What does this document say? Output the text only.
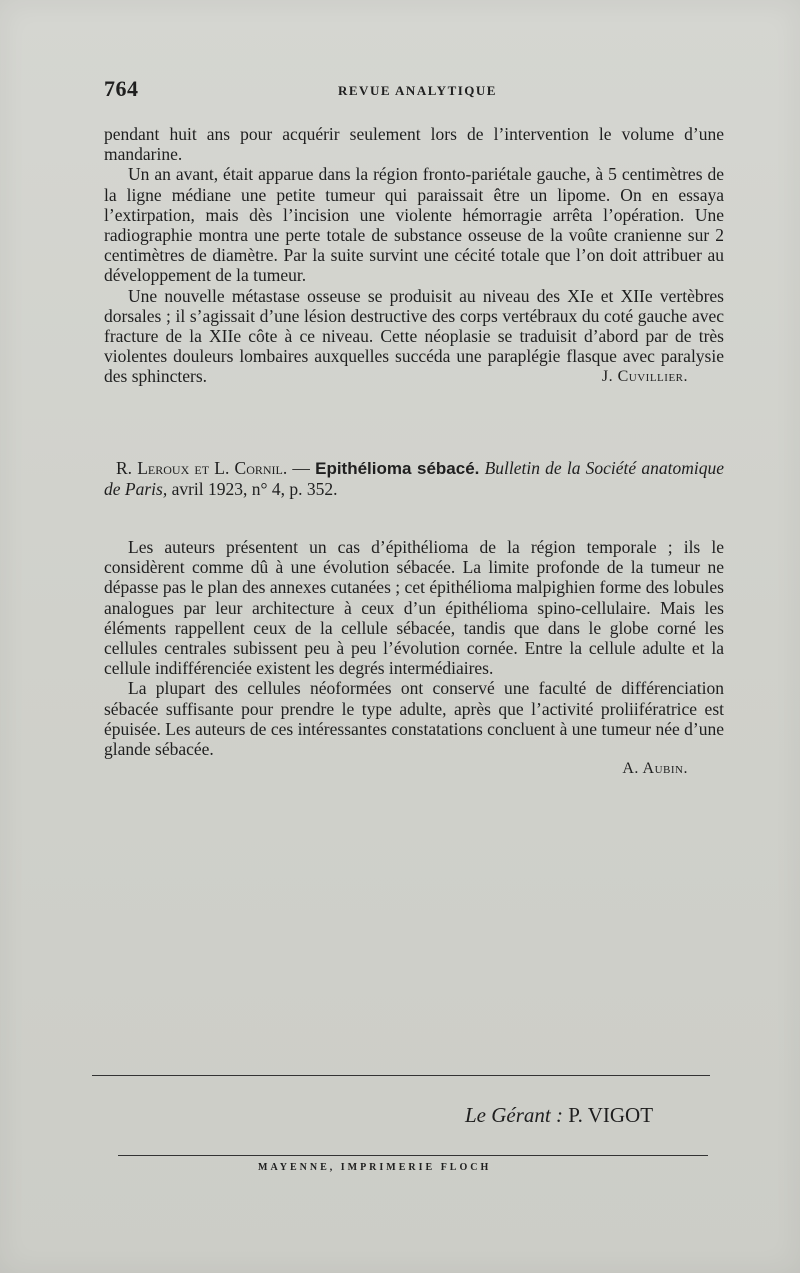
764	REVUE ANALYTIQUE

pendant huit ans pour acquérir seulement lors de l’intervention le volume d’une mandarine.

Un an avant, était apparue dans la région fronto-pariétale gauche, à 5 centimètres de la ligne médiane une petite tumeur qui paraissait être un lipome. On en essaya l’extirpation, mais dès l’incision une violente hémorragie arrêta l’opération. Une radiographie montra une perte totale de substance osseuse de la voûte cranienne sur 2 centimètres de diamètre. Par la suite survint une cécité totale que l’on doit attribuer au développement de la tumeur.

Une nouvelle métastase osseuse se produisit au niveau des XIe et XIIe vertèbres dorsales ; il s’agissait d’une lésion destructive des corps vertébraux du coté gauche avec fracture de la XIIe côte à ce niveau. Cette néoplasie se traduisit d’abord par de très violentes douleurs lombaires auxquelles succéda une paraplégie flasque avec paralysie des sphincters.	J. Cuvillier.

R. Leroux et L. Cornil. — Epithélioma sébacé. Bulletin de la Société anatomique de Paris, avril 1923, n° 4, p. 352.

Les auteurs présentent un cas d’épithélioma de la région temporale ; ils le considèrent comme dû à une évolution sébacée. La limite profonde de la tumeur ne dépasse pas le plan des annexes cutanées ; cet épithélioma malpighien forme des lobules analogues par leur architecture à ceux d’un épithélioma spino-cellulaire. Mais les éléments rappellent ceux de la cellule sébacée, tandis que dans le globe corné les cellules centrales subissent peu à peu l’évolution cornée. Entre la cellule adulte et la cellule indifférenciée existent les degrés intermédiaires.

La plupart des cellules néoformées ont conservé une faculté de différenciation sébacée suffisante pour prendre le type adulte, après que l’activité proliifératrice est épuisée. Les auteurs de ces intéressantes constatations concluent à une tumeur née d’une glande sébacée.

A. Aubin.

Le Gérant : P. VIGOT
MAYENNE, IMPRIMERIE FLOCH
